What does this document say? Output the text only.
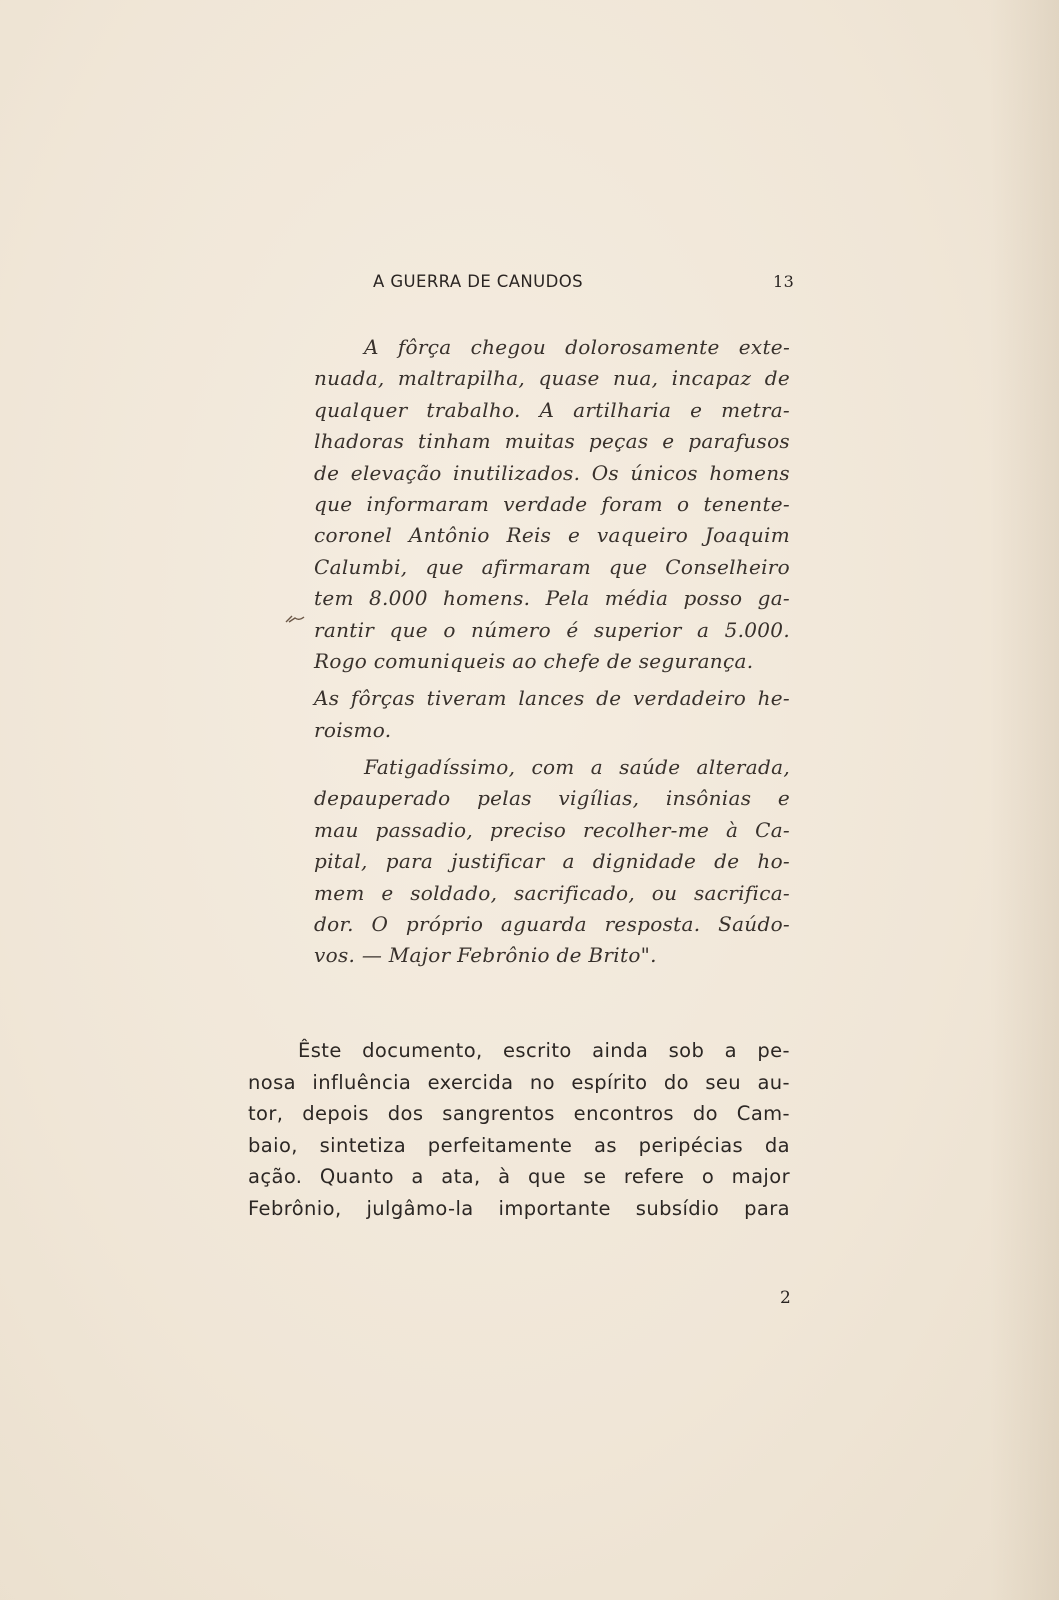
A GUERRA DE CANUDOS	13
A fôrça chegou dolorosamente exte-
nuada, maltrapilha, quase nua, incapaz de
qualquer trabalho. A artilharia e metra-
lhadoras tinham muitas peças e parafusos
de elevação inutilizados. Os únicos homens
que informaram verdade foram o tenente-
coronel Antônio Reis e vaqueiro Joaquim
Calumbi, que afirmaram que Conselheiro
tem 8.000 homens. Pela média posso ga-
rantir que o número é superior a 5.000.
Rogo comuniqueis ao chefe de segurança.
As fôrças tiveram lances de verdadeiro he-
roismo.
Fatigadíssimo, com a saúde alterada,
depauperado pelas vigílias, insônias e
mau passadio, preciso recolher-me à Ca-
pital, para justificar a dignidade de ho-
mem e soldado, sacrificado, ou sacrifica-
dor. O próprio aguarda resposta. Saúdo-
vos. — Major Febrônio de Brito".
Êste documento, escrito ainda sob a pe-
nosa influência exercida no espírito do seu au-
tor, depois dos sangrentos encontros do Cam-
baio, sintetiza perfeitamente as peripécias da
ação. Quanto a ata, à que se refere o major
Febrônio, julgâmo-la importante subsídio para
2
